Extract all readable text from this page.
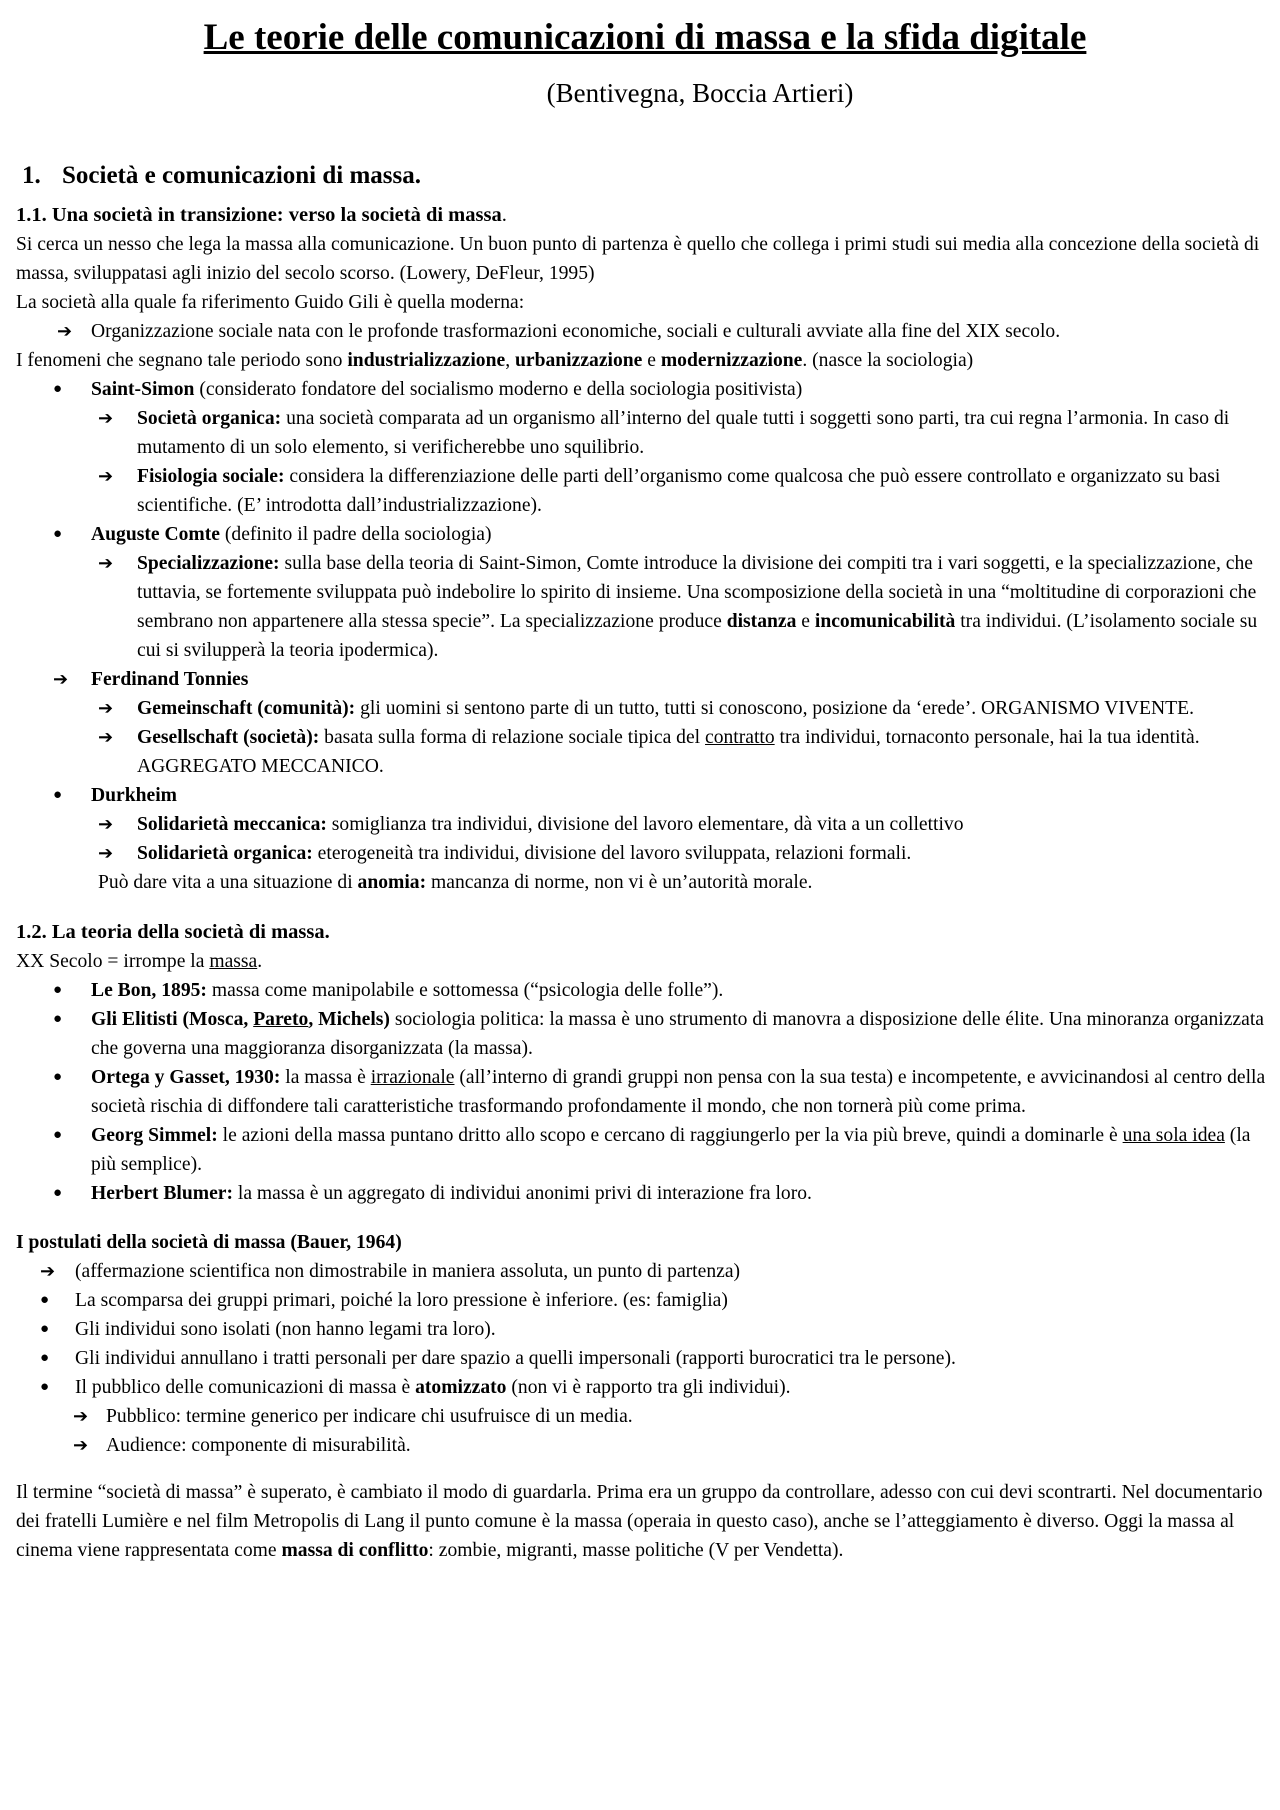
Le teorie delle comunicazioni di massa e la sfida digitale
(Bentivegna, Boccia Artieri)
1. Società e comunicazioni di massa.

1.1. Una società in transizione: verso la società di massa.

Si cerca un nesso che lega la massa alla comunicazione. Un buon punto di partenza è quello che collega i primi studi sui media alla concezione della società di massa, sviluppatasi agli inizio del secolo scorso. (Lowery, DeFleur, 1995)

La società alla quale fa riferimento Guido Gili è quella moderna:

➔ Organizzazione sociale nata con le profonde trasformazioni economiche, sociali e culturali avviate alla fine del XIX secolo.

I fenomeni che segnano tale periodo sono industrializzazione, urbanizzazione e modernizzazione. (nasce la sociologia)

● Saint-Simon (considerato fondatore del socialismo moderno e della sociologia positivista)
➔ Società organica: una società comparata ad un organismo all’interno del quale tutti i soggetti sono parti, tra cui regna l’armonia. In caso di mutamento di un solo elemento, si verificherebbe uno squilibrio.
➔ Fisiologia sociale: considera la differenziazione delle parti dell’organismo come qualcosa che può essere controllato e organizzato su basi scientifiche. (E’ introdotta dall’industrializzazione).
● Auguste Comte (definito il padre della sociologia)
➔ Specializzazione: sulla base della teoria di Saint-Simon, Comte introduce la divisione dei compiti tra i vari soggetti, e la specializzazione, che tuttavia, se fortemente sviluppata può indebolire lo spirito di insieme. Una scomposizione della società in una “moltitudine di corporazioni che sembrano non appartenere alla stessa specie”. La specializzazione produce distanza e incomunicabilità tra individui. (L’isolamento sociale su cui si svilupperà la teoria ipodermica).
➔ Ferdinand Tonnies
➔ Gemeinschaft (comunità): gli uomini si sentono parte di un tutto, tutti si conoscono, posizione da ‘erede’. ORGANISMO VIVENTE.
➔ Gesellschaft (società): basata sulla forma di relazione sociale tipica del contratto tra individui, tornaconto personale, hai la tua identità. AGGREGATO MECCANICO.
● Durkheim
➔ Solidarietà meccanica: somiglianza tra individui, divisione del lavoro elementare, dà vita a un collettivo
➔ Solidarietà organica: eterogeneità tra individui, divisione del lavoro sviluppata, relazioni formali.

Può dare vita a una situazione di anomia: mancanza di norme, non vi è un’autorità morale.

1.2. La teoria della società di massa.

XX Secolo = irrompe la massa.

● Le Bon, 1895: massa come manipolabile e sottomessa (“psicologia delle folle”).
● Gli Elitisti (Mosca, Pareto, Michels) sociologia politica: la massa è uno strumento di manovra a disposizione delle élite. Una minoranza organizzata che governa una maggioranza disorganizzata (la massa).
● Ortega y Gasset, 1930: la massa è irrazionale (all’interno di grandi gruppi non pensa con la sua testa) e incompetente, e avvicinandosi al centro della società rischia di diffondere tali caratteristiche trasformando profondamente il mondo, che non tornerà più come prima.
● Georg Simmel: le azioni della massa puntano dritto allo scopo e cercano di raggiungerlo per la via più breve, quindi a dominarle è una sola idea (la più semplice).
● Herbert Blumer: la massa è un aggregato di individui anonimi privi di interazione fra loro.

I postulati della società di massa (Bauer, 1964)

➔ (affermazione scientifica non dimostrabile in maniera assoluta, un punto di partenza)
● La scomparsa dei gruppi primari, poiché la loro pressione è inferiore. (es: famiglia)
● Gli individui sono isolati (non hanno legami tra loro).
● Gli individui annullano i tratti personali per dare spazio a quelli impersonali (rapporti burocratici tra le persone).
● Il pubblico delle comunicazioni di massa è atomizzato (non vi è rapporto tra gli individui).
➔ Pubblico: termine generico per indicare chi usufruisce di un media.
➔ Audience: componente di misurabilità.

Il termine “società di massa” è superato, è cambiato il modo di guardarla. Prima era un gruppo da controllare, adesso con cui devi scontrarti. Nel documentario dei fratelli Lumière e nel film Metropolis di Lang il punto comune è la massa (operaia in questo caso), anche se l’atteggiamento è diverso. Oggi la massa al cinema viene rappresentata come massa di conflitto: zombie, migranti, masse politiche (V per Vendetta).
